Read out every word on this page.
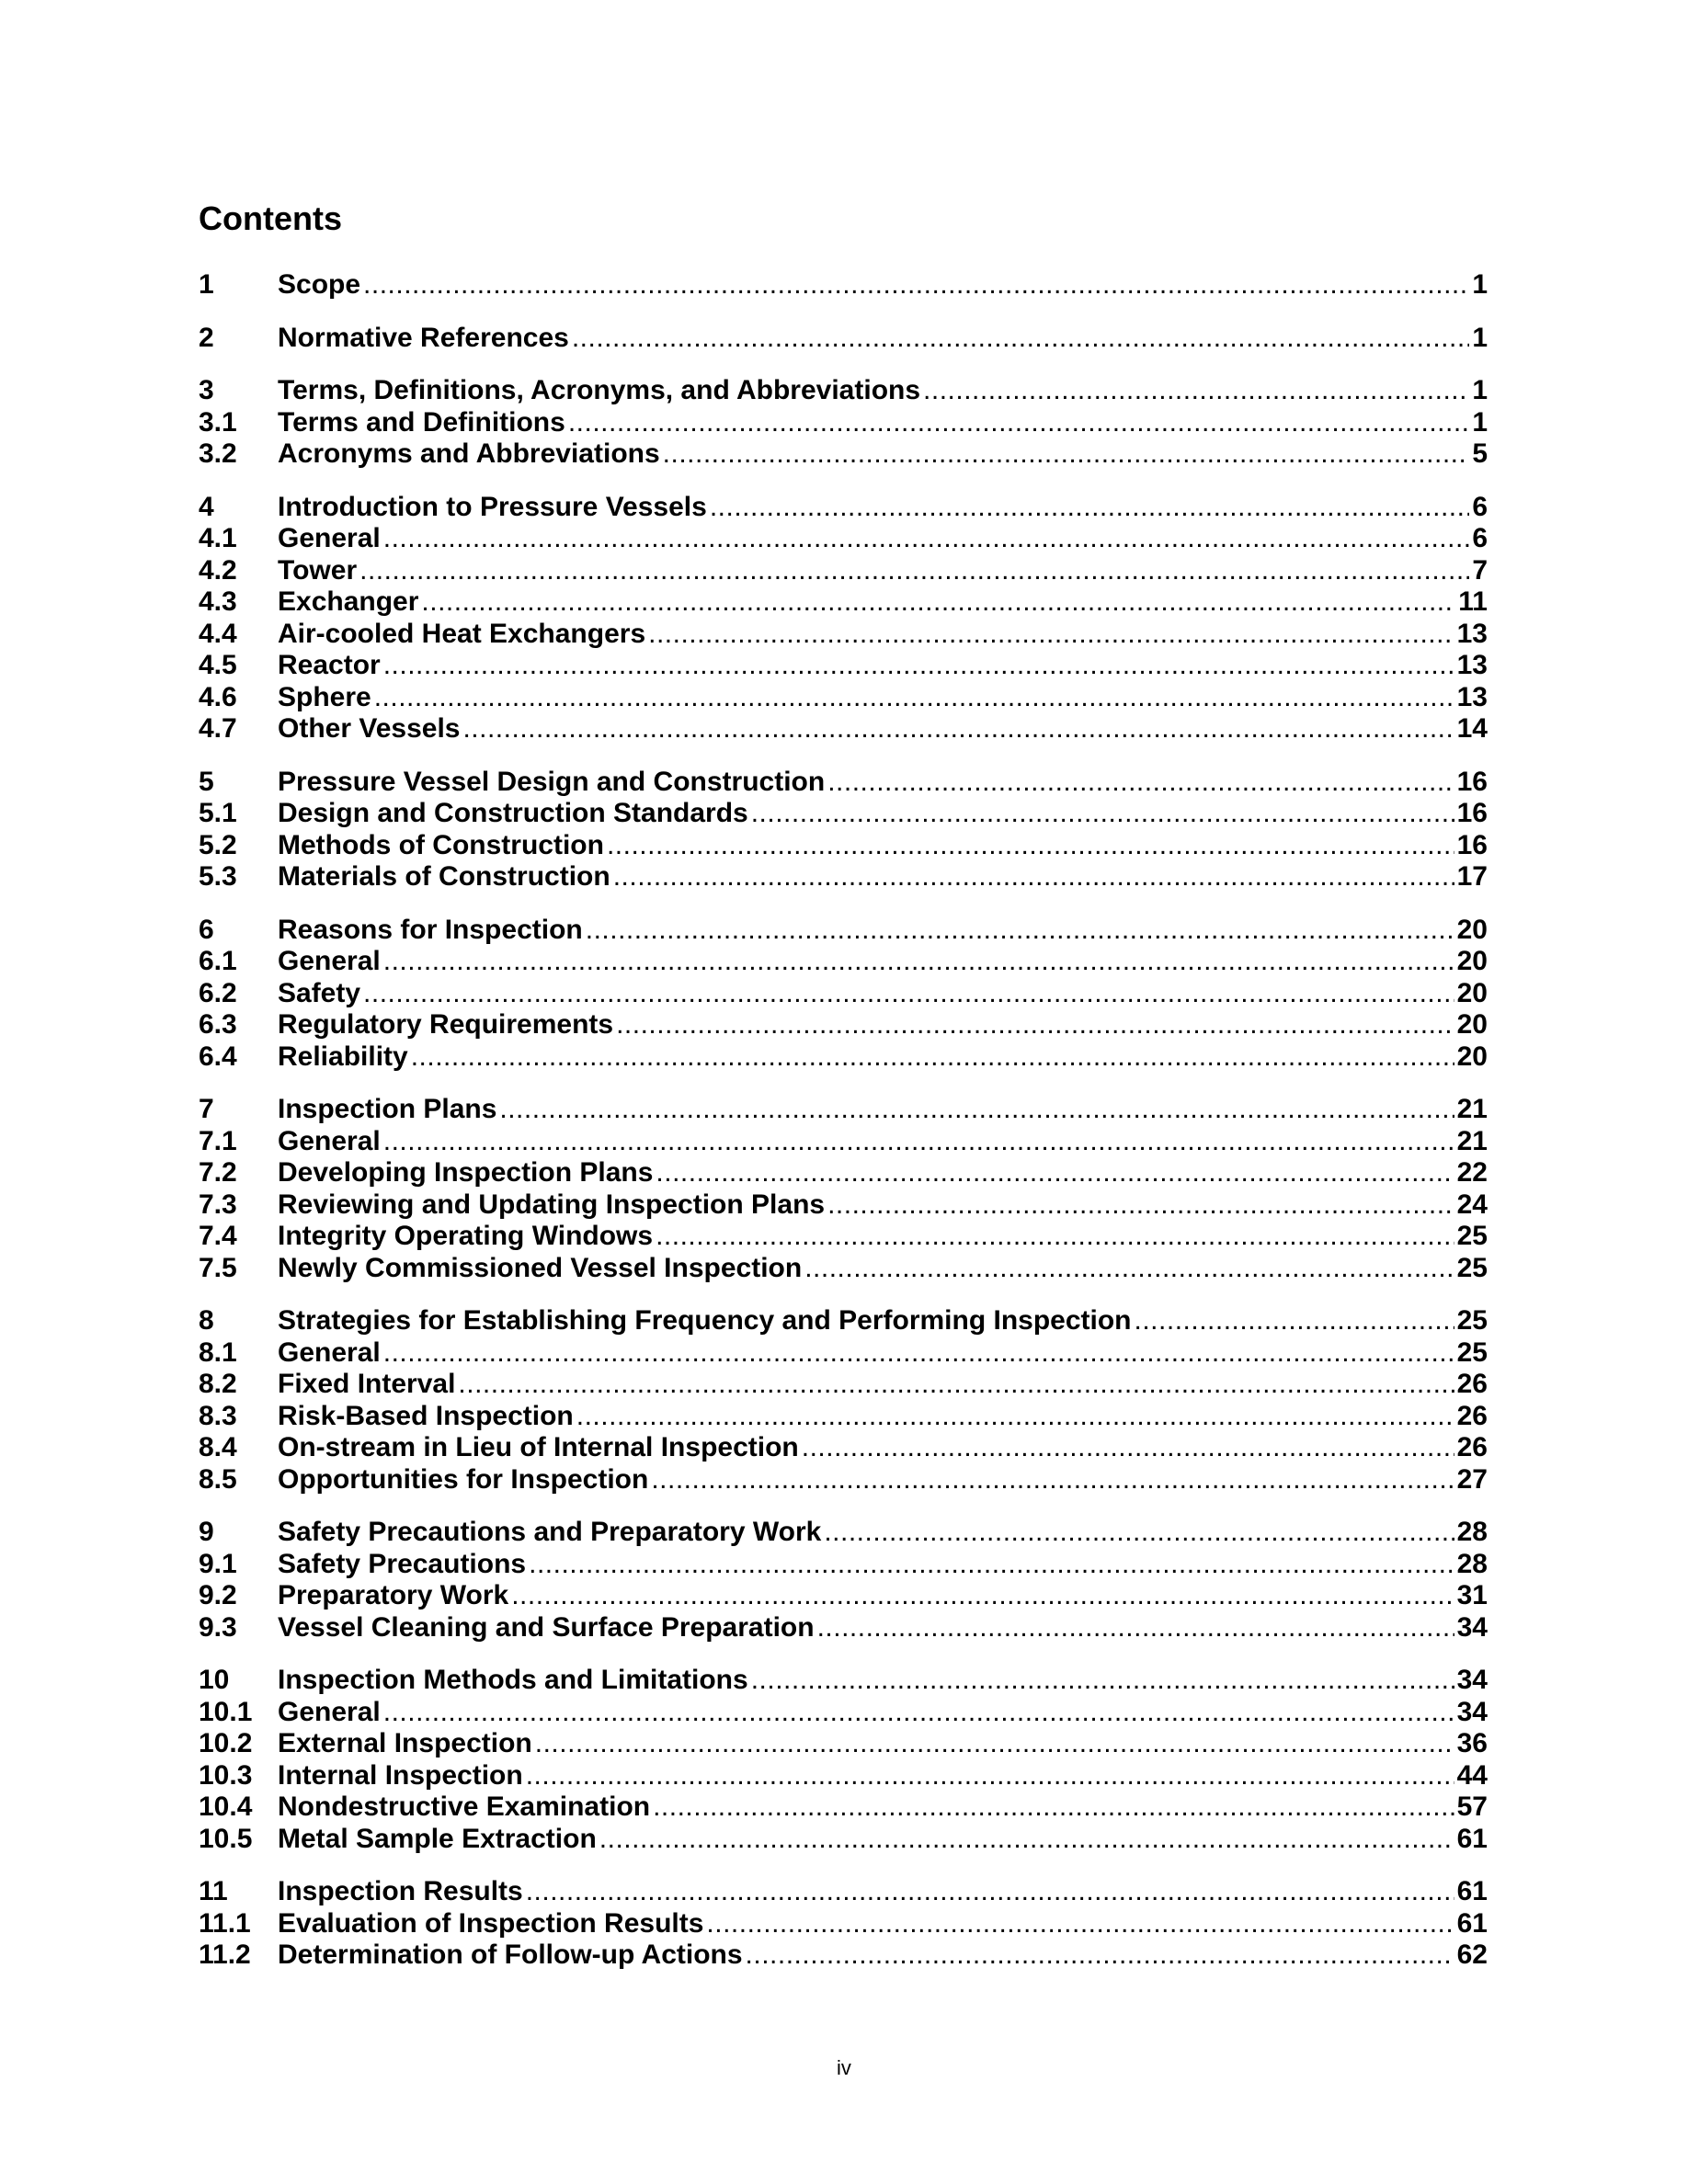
Contents
1	Scope .....	1
2	Normative References .....	1
3	Terms, Definitions, Acronyms, and Abbreviations .....	1
3.1	Terms and Definitions .....	1
3.2	Acronyms and Abbreviations .....	5
4	Introduction to Pressure Vessels .....	6
4.1	General .....	6
4.2	Tower .....	7
4.3	Exchanger .....	11
4.4	Air-cooled Heat Exchangers .....	13
4.5	Reactor .....	13
4.6	Sphere .....	13
4.7	Other Vessels .....	14
5	Pressure Vessel Design and Construction .....	16
5.1	Design and Construction Standards .....	16
5.2	Methods of Construction .....	16
5.3	Materials of Construction .....	17
6	Reasons for Inspection .....	20
6.1	General .....	20
6.2	Safety .....	20
6.3	Regulatory Requirements .....	20
6.4	Reliability .....	20
7	Inspection Plans .....	21
7.1	General .....	21
7.2	Developing Inspection Plans .....	22
7.3	Reviewing and Updating Inspection Plans .....	24
7.4	Integrity Operating Windows .....	25
7.5	Newly Commissioned Vessel Inspection .....	25
8	Strategies for Establishing Frequency and Performing Inspection .....	25
8.1	General .....	25
8.2	Fixed Interval .....	26
8.3	Risk-Based Inspection .....	26
8.4	On-stream in Lieu of Internal Inspection .....	26
8.5	Opportunities for Inspection .....	27
9	Safety Precautions and Preparatory Work .....	28
9.1	Safety Precautions .....	28
9.2	Preparatory Work .....	31
9.3	Vessel Cleaning and Surface Preparation .....	34
10	Inspection Methods and Limitations .....	34
10.1 General .....	34
10.2 External Inspection .....	36
10.3 Internal Inspection .....	44
10.4 Nondestructive Examination .....	57
10.5 Metal Sample Extraction .....	61
11	Inspection Results .....	61
11.1 Evaluation of Inspection Results .....	61
11.2 Determination of Follow-up Actions .....	62
iv
